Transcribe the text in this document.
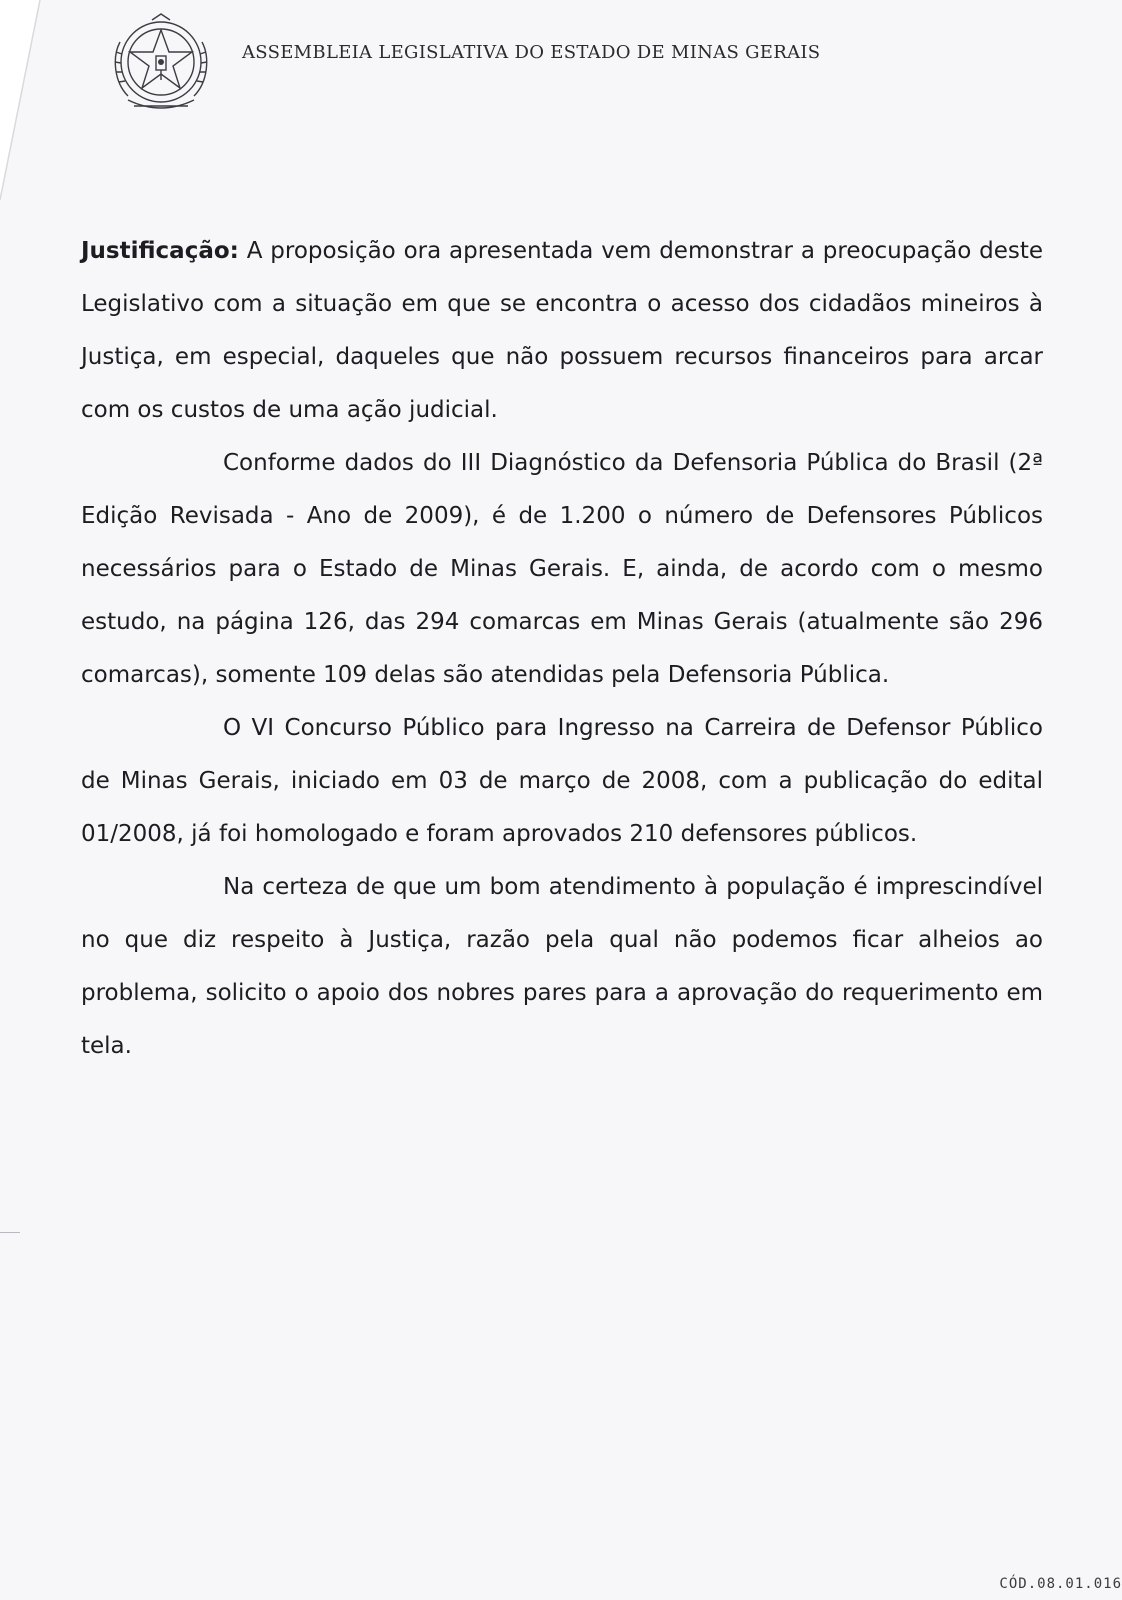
ASSEMBLEIA LEGISLATIVA DO ESTADO DE MINAS GERAIS

Justificação: A proposição ora apresentada vem demonstrar a preocupação deste Legislativo com a situação em que se encontra o acesso dos cidadãos mineiros à Justiça, em especial, daqueles que não possuem recursos financeiros para arcar com os custos de uma ação judicial.

Conforme dados do III Diagnóstico da Defensoria Pública do Brasil (2ª Edição Revisada - Ano de 2009), é de 1.200 o número de Defensores Públicos necessários para o Estado de Minas Gerais. E, ainda, de acordo com o mesmo estudo, na página 126, das 294 comarcas em Minas Gerais (atualmente são 296 comarcas), somente 109 delas são atendidas pela Defensoria Pública.

O VI Concurso Público para Ingresso na Carreira de Defensor Público de Minas Gerais, iniciado em 03 de março de 2008, com a publicação do edital 01/2008, já foi homologado e foram aprovados 210 defensores públicos.

Na certeza de que um bom atendimento à população é imprescindível no que diz respeito à Justiça, razão pela qual não podemos ficar alheios ao problema, solicito o apoio dos nobres pares para a aprovação do requerimento em tela.

CÓD.08.01.016
